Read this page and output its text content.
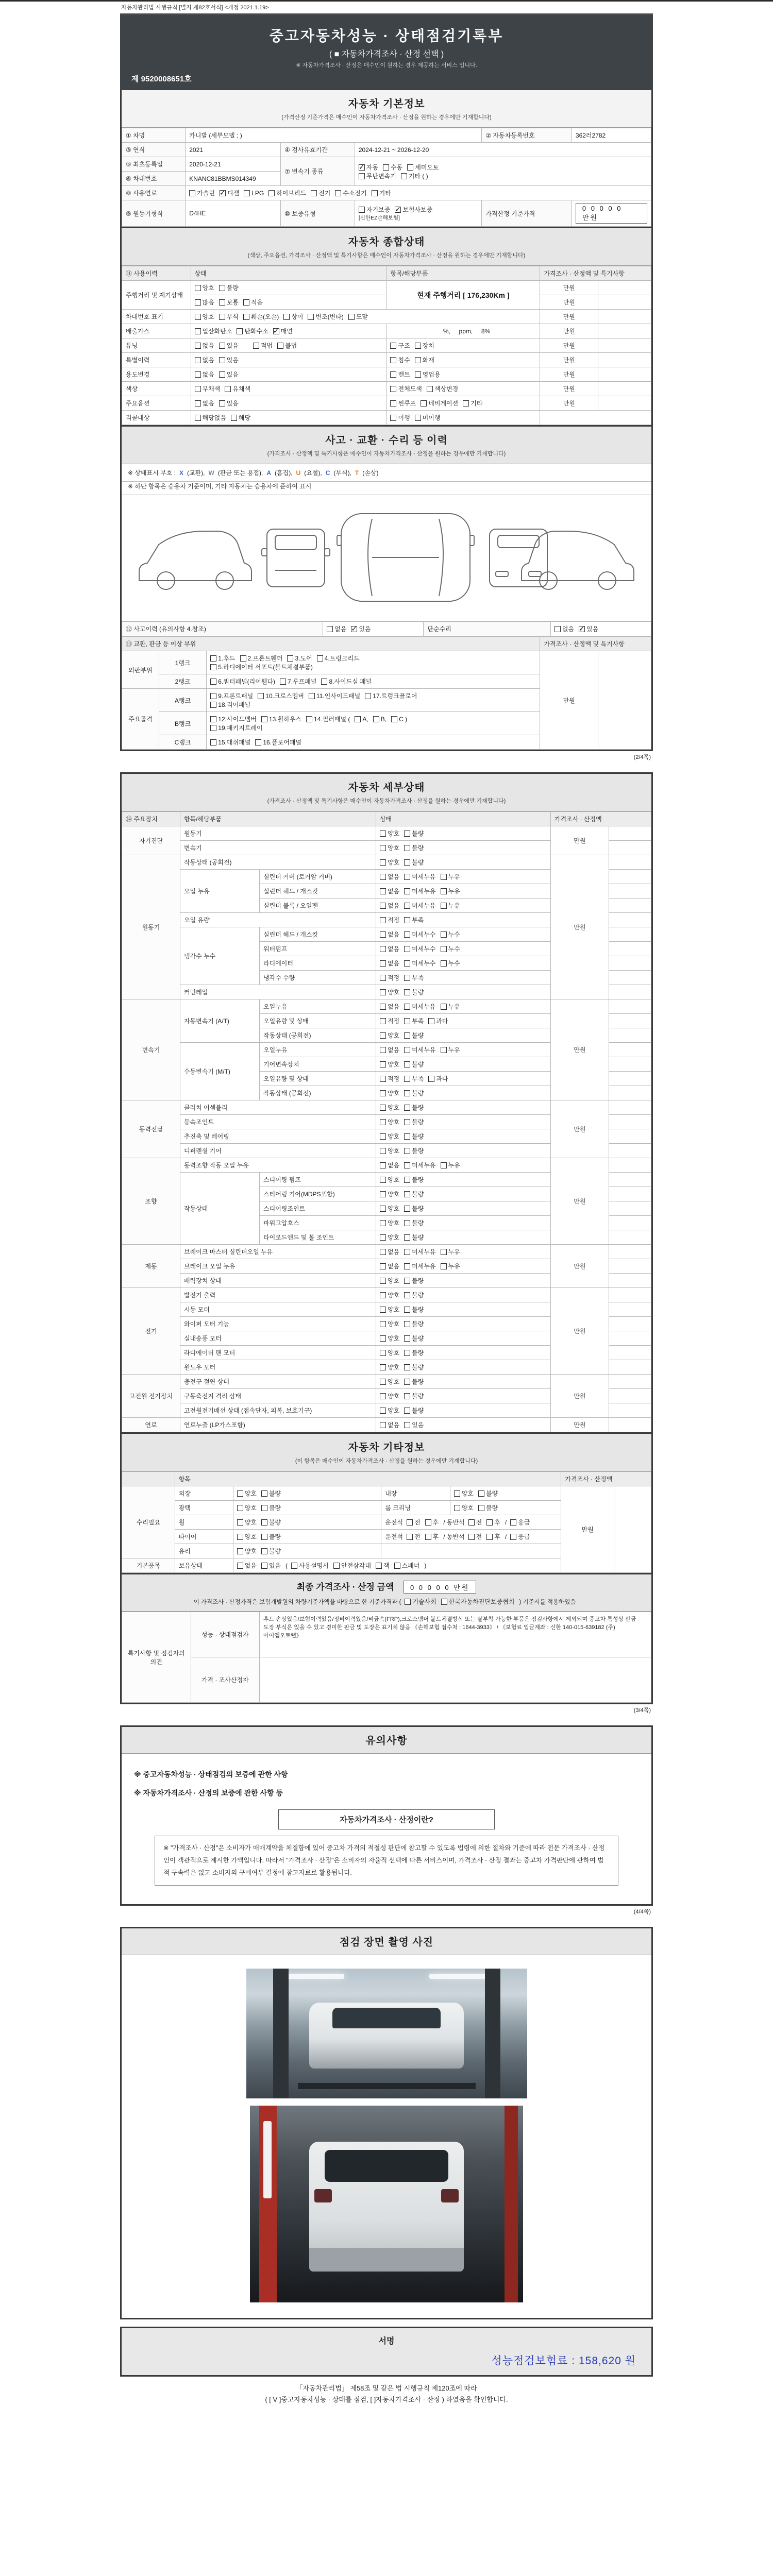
자동차관리법 시행규칙 [별지 제82호서식] <개정 2021.1.19>
중고자동차성능 · 상태점검기록부
( ■ 자동차가격조사 · 산정 선택 )
※ 자동차가격조사 · 산정은 매수인이 원하는 경우 제공하는 서비스 입니다.
제 9520008651호
자동차 기본정보
(가격산정 기준가격은 매수인이 자동차가격조사 · 산정을 원하는 경우에만 기재합니다)
① 차명	카니발 (세부모델 : )			② 자동차등록번호	362러2782
③ 연식	2021	④ 검사유효기간	2024-12-21 ~ 2026-12-20		
⑤ 최초등록일	2020-12-21	⑦ 변속기 종류	✓자동 수동 세미오토
무단변속기 기타 ( )
⑥ 차대번호	KNANC81BBMS014349				
⑧ 사용연료	가솔린 ✓ 디젤 LPG 하이브리드 전기 수소전기 기타
⑨ 원동기형식	D4HE	⑩ 보증유형	자기보증 ✓ 보험사보증[신한EZ손해보험]	가격산정 기준가격	0 0 0 0 0 만원
자동차 종합상태
(색상, 주요옵션, 가격조사 · 산정액 및 특기사항은 매수인이 자동차가격조사 · 산정을 원하는 경우에만 기재합니다)
⑪ 사용이력	상태	항목/해당부품	가격조사 · 산정액 및 특기사항	
주행거리 및 계기상태	양호 불량	현재 주행거리 [ 176,230Km ]	만원	
	많음 보통 적음		만원	
차대번호 표기	양호 부식 훼손(오손) 상이 변조(변타) 도말		만원	
배출가스	일산화탄소 탄화수소 ✓ 매연	%,     ppm,     8%	만원	
튜닝	없음 있음  적법 불법	구조 장치	만원	
특별이력	없음 있음	침수 화재	만원	
용도변경	없음 있음	렌트 영업용	만원	
색상	무채색 유채색	전체도색 색상변경	만원	
주요옵션	없음 있음	썬루프 네비게이션 기타	만원	
리콜대상	해당없음 해당	이행 미이행		
사고 · 교환 · 수리 등 이력
(가격조사 · 산정액 및 특기사항은 매수인이 자동차가격조사 · 산정을 원하는 경우에만 기재합니다)
※ 상태표시 부호 :X(교환),W(판금 또는 용접),A(흠집),U(요철),C(부식),T(손상)
※ 하단 항목은 승용차 기준이며, 기타 자동차는 승용차에 준하여 표시
⑫ 사고이력 (유의사항 4.참조)	없음 ✓ 있음	단순수리	없음 ✓ 있음
⑬ 교환, 판금 등 이상 부위			가격조사 · 산정액 및 특기사항	
외판부위	1랭크	1.후드 2.프론트휀더 3.도어 4.트렁크리드
5.라디에이터 서포트(볼트체결부품)	만원	
	2랭크	6.쿼터패널(리어휀다) 7.루프패널 8.사이드실 패널		
주요골격	A랭크	9.프론트패널 10.크로스멤버 11.인사이드패널 17.트렁크플로어
18.리어패널		
	B랭크	12.사이드멤버 13.휠하우스 14.필러패널 ( A, B, C )
19.패키지트레이		
	C랭크	15.대쉬패널 16.플로어패널		
(2/4쪽)
자동차 세부상태
(가격조사 · 산정액 및 특기사항은 매수인이 자동차가격조사 · 산정을 원하는 경우에만 기재합니다)
⑭ 주요장치	항목/해당부품		상태	가격조사 · 산정액	
자기진단	원동기		양호 불량	만원	
	변속기		양호 불량		
원동기	작동상태 (공회전)		양호 불량	만원	
	오일 누유	실린더 커버 (로커암 커버)	없음 미세누유 누유		
		실린더 헤드 / 개스킷	없음 미세누유 누유		
		실린더 블록 / 오일팬	없음 미세누유 누유		
	오일 유량		적정 부족		
	냉각수 누수	실린더 헤드 / 개스킷	없음 미세누수 누수		
		워터펌프	없음 미세누수 누수		
		라디에이터	없음 미세누수 누수		
		냉각수 수량	적정 부족		
	커먼레일		양호 불량		
변속기	자동변속기 (A/T)	오일누유	없음 미세누유 누유	만원	
		오일유량 및 상태	적정 부족 과다		
		작동상태 (공회전)	양호 불량		
	수동변속기 (M/T)	오일누유	없음 미세누유 누유		
		기어변속장치	양호 불량		
		오일유량 및 상태	적정 부족 과다		
		작동상태 (공회전)	양호 불량		
동력전달	클러치 어셈블리		양호 불량	만원	
	등속조인트		양호 불량		
	추진축 및 베어링		양호 불량		
	디퍼렌셜 기어		양호 불량		
조향	동력조향 작동 오일 누유		없음 미세누유 누유	만원	
	작동상태	스티어링 펌프	양호 불량		
		스티어링 기어(MDPS포함)	양호 불량		
		스티어링조인트	양호 불량		
		파워고압호스	양호 불량		
		타이로드엔드 및 볼 조인트	양호 불량		
제동	브레이크 마스터 실린더오일 누유		없음 미세누유 누유	만원	
	브레이크 오일 누유		없음 미세누유 누유		
	배력장치 상태		양호 불량		
전기	발전기 출력		양호 불량	만원	
	시동 모터		양호 불량		
	와이퍼 모터 기능		양호 불량		
	실내송풍 모터		양호 불량		
	라디에이터 팬 모터		양호 불량		
	윈도우 모터		양호 불량		
고전원 전기장치	충전구 절연 상태		양호 불량	만원	
	구동축전지 격리 상태		양호 불량		
	고전원전기배선 상태 (접속단자, 피복, 보호기구)		양호 불량		
연료	연료누출 (LP가스포함)		없음 있음	만원	
자동차 기타정보
(이 항목은 매수인이 자동차가격조사 · 산정을 원하는 경우에만 기재합니다)
	항목				가격조사 · 산정액	
수리필요	외장	양호 불량	내장	양호 불량	만원	
	광택	양호 불량	룸 크리닝	양호 불량		
	휠	양호 불량	운전석 전 후 / 동반석 전 후 / 응급			
	타이어	양호 불량	운전석 전 후 / 동반석 전 후 / 응급			
	유리	양호 불량				
기본품목	보유상태	없음 있음 ( 사용설명서 안전삼각대 잭 스패너 )				
최종 가격조사 · 산정 금액 0 0 0 0 0 만원
이 가격조사 · 산정가격은 보험개발원의 차량기준가액을 바탕으로 한 기준가격과 ( 기술사회 한국자동차진단보증협회 ) 기준서를 적용하였음
특기사항 및 점검자의 의견	성능 · 상태점검자	후드 손상있음/보험이력있음/정비이력있음/비금속(FRP),크로스멤버 볼트체결방식 또는 탈부착 가능한 부품은 점검사항에서 제외되며 중고차 특성상 판금 도장 부식은 있을 수 있고 경미한 판금 및 도장은 표기치 않음 《손해보험 접수처 : 1644-3933》 / 《보험료 입금계좌 : 신한 140-015-639182 (주)아이엠오토랩》
	가격 · 조사산정자	
(3/4쪽)
유의사항

※ 중고자동차성능 · 상태점검의 보증에 관한 사항

※ 자동차가격조사 · 산정의 보증에 관한 사항 등

자동차가격조사 · 산정이란?
※ "가격조사 · 산정"은 소비자가 매매계약을 체결함에 있어 중고차 가격의 적절성 판단에 참고할 수 있도록 법령에 의한 절차와 기준에 따라 전문 가격조사 · 산정인이 객관적으로 제시한 가액입니다. 따라서 "가격조사 · 산정"은 소비자의 자율적 선택에 따른 서비스이며, 가격조사 · 산정 결과는 중고차 가격판단에 관하여 법적 구속력은 없고 소비자의 구매여부 결정에 참고자료로 활용됩니다.
(4/4쪽)
점검 장면 촬영 사진
서명
성능점검보험료 : 158,620 원
「자동차관리법」 제58조 및 같은 법 시행규칙 제120조에 따라
( [ V ]중고자동차성능 · 상태를 점검, [ ]자동차가격조사 · 산정 ) 하였음을 확인합니다.
